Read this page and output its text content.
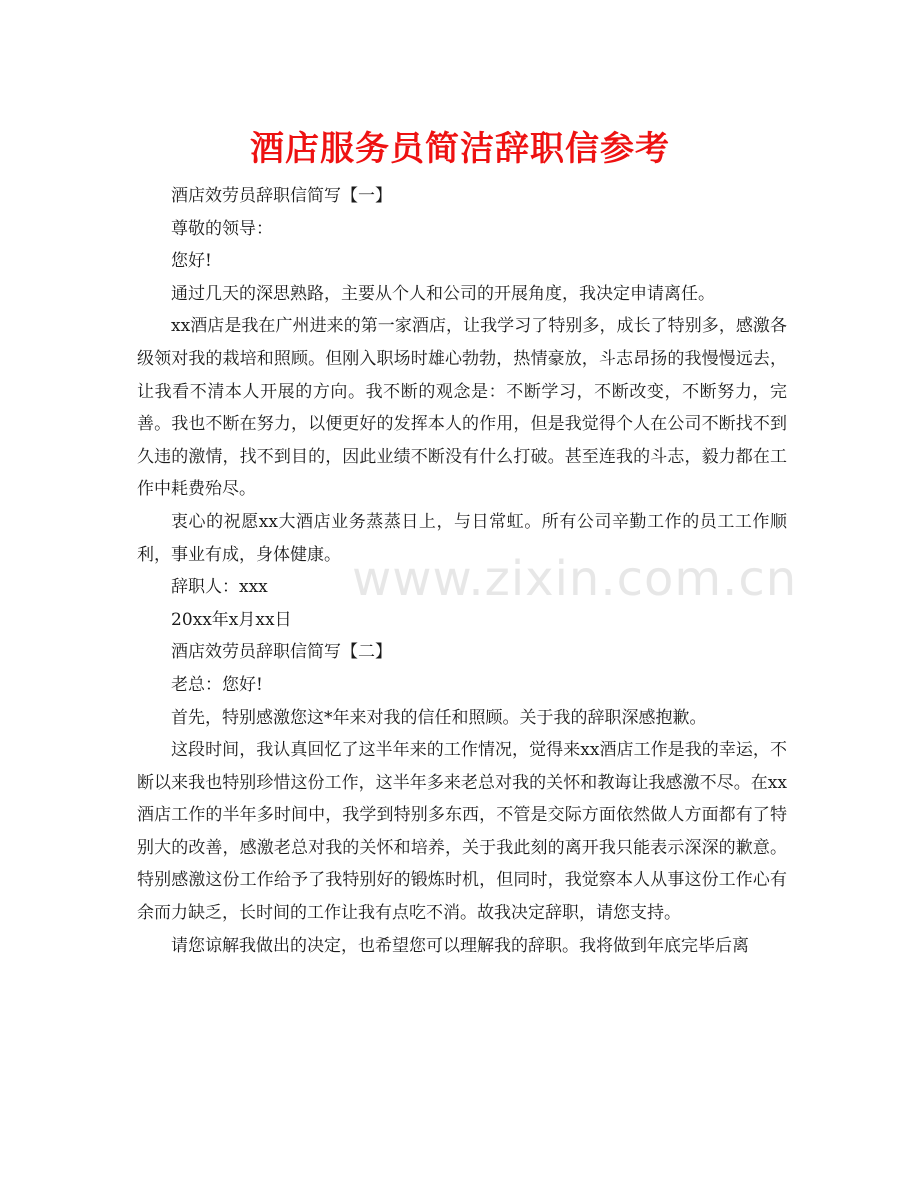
酒店服务员简洁辞职信参考

酒店效劳员辞职信简写【一】

尊敬的领导：

您好!

通过几天的深思熟路，主要从个人和公司的开展角度，我决定申请离任。

xx酒店是我在广州进来的第一家酒店，让我学习了特别多，成长了特别多，感激各级领对我的栽培和照顾。但刚入职场时雄心勃勃，热情豪放，斗志昂扬的我慢慢远去，让我看不清本人开展的方向。我不断的观念是：不断学习，不断改变，不断努力，完善。我也不断在努力，以便更好的发挥本人的作用，但是我觉得个人在公司不断找不到久违的激情，找不到目的，因此业绩不断没有什么打破。甚至连我的斗志，毅力都在工作中耗费殆尽。

衷心的祝愿xx大酒店业务蒸蒸日上，与日常虹。所有公司辛勤工作的员工工作顺利，事业有成，身体健康。

辞职人：xxx

20xx年x月xx日

酒店效劳员辞职信简写【二】

老总：您好!

首先，特别感激您这*年来对我的信任和照顾。关于我的辞职深感抱歉。

这段时间，我认真回忆了这半年来的工作情况，觉得来xx酒店工作是我的幸运，不断以来我也特别珍惜这份工作，这半年多来老总对我的关怀和教诲让我感激不尽。在xx酒店工作的半年多时间中，我学到特别多东西，不管是交际方面依然做人方面都有了特别大的改善，感激老总对我的关怀和培养，关于我此刻的离开我只能表示深深的歉意。特别感激这份工作给予了我特别好的锻炼时机，但同时，我觉察本人从事这份工作心有余而力缺乏，长时间的工作让我有点吃不消。故我决定辞职，请您支持。

请您谅解我做出的决定，也希望您可以理解我的辞职。我将做到年底完毕后离

www.zixin.com.cn
